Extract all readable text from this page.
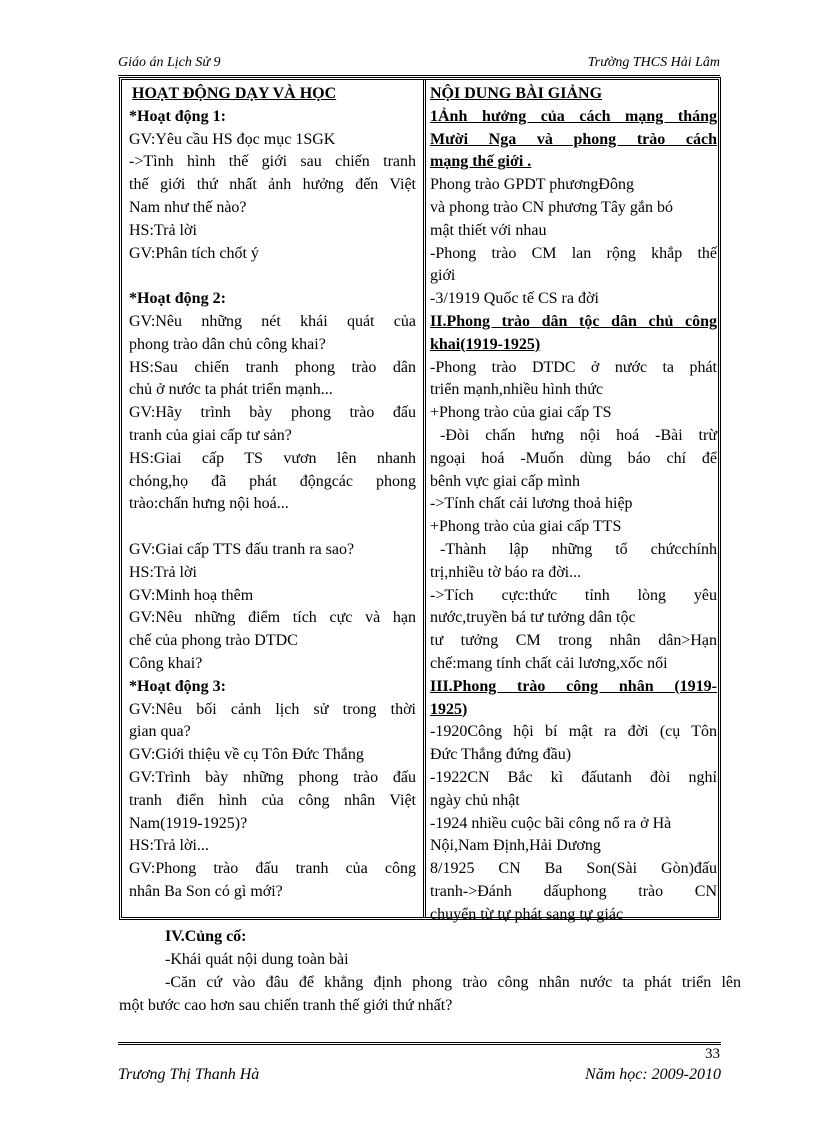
Giáo án Lịch Sử 9	Trường THCS Hải Lâm
HOẠT ĐỘNG DẠY VÀ HỌC
*Hoạt động 1:
GV:Yêu cầu HS đọc mục 1SGK
->Tình hình thế giới sau chiến tranh
thế giới thứ nhất ảnh hưởng đến Việt
Nam như thế nào?
HS:Trả lời
GV:Phân tích chốt ý
*Hoạt động 2:
GV:Nêu những nét khái quát của
phong trào dân chủ công khai?
HS:Sau chiến tranh phong trào dân
chủ ở nước ta phát triển mạnh...
GV:Hãy trình bày phong trào đấu
tranh của giai cấp tư sản?
HS:Giai cấp TS vươn lên nhanh
chóng,họ đã phát độngcác phong
trào:chấn hưng nội hoá...
GV:Giai cấp TTS đấu tranh ra sao?
HS:Trả lời
GV:Minh hoạ thêm
GV:Nêu những điểm tích cực và hạn
chế của phong trào DTDC
Công khai?
*Hoạt động 3:
GV:Nêu bối cảnh lịch sử trong thời
gian qua?
GV:Giới thiệu về cụ Tôn Đức Thắng
GV:Trình bày những phong trào đấu
tranh điển hình của công nhân Việt
Nam(1919-1925)?
HS:Trả lời...
GV:Phong trào đấu tranh của công
nhân Ba Son có gì mới?
NỘI DUNG BÀI GIẢNG
1Ảnh hưởng của cách mạng tháng
Mười Nga và phong trào cách
mạng thế giới .
Phong trào GPDT phươngĐông
và phong trào CN phương Tây gắn bó
mật thiết với nhau
-Phong trào CM lan rộng khắp thế
giới
-3/1919 Quốc tế CS ra đời
II.Phong trào dân tộc dân chủ công
khai(1919-1925)
-Phong trào DTDC ở nước ta phát
triển mạnh,nhiều hình thức
+Phong trào của giai cấp TS
-Đòi chấn hưng nội hoá -Bài trừ
ngoại hoá -Muốn dùng báo chí để
bênh vực giai cấp mình
->Tính chất cải lương thoả hiệp
+Phong trào của giai cấp TTS
-Thành lập những tổ chứcchính
trị,nhiều tờ báo ra đời...
->Tích cực:thức tỉnh lòng yêu
nước,truyền bá tư tưởng dân tộc
tư tưởng CM trong nhân dân>Hạn
chế:mang tính chất cải lương,xốc nổi
III.Phong trào công nhân (1919-
1925)
-1920Công hội bí mật ra đời (cụ Tôn
Đức Thắng đứng đầu)
-1922CN Bắc kì đấutanh đòi nghỉ
ngày chủ nhật
-1924 nhiều cuộc bãi công nổ ra ở Hà
Nội,Nam Định,Hải Dương
8/1925 CN Ba Son(Sài Gòn)đấu
tranh->Đánh dấuphong trào CN
chuyển từ tự phát sang tự giác
IV.Củng cố:
-Khái quát nội dung toàn bài
-Căn cứ vào đâu để khẳng định phong trào công nhân nước ta phát triển lên
một bước cao hơn sau chiến tranh thế giới thứ nhất?
33
Trương Thị Thanh Hà	Năm học: 2009-2010
